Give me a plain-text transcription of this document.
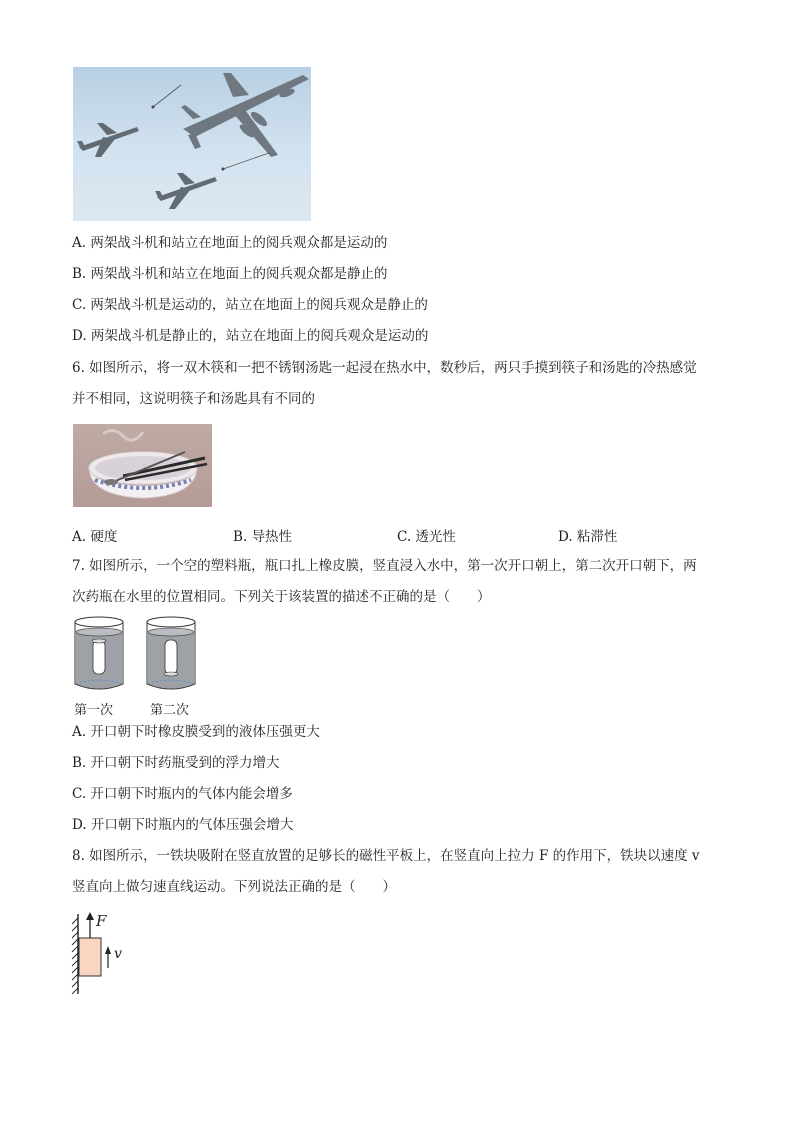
A. 两架战斗机和站立在地面上的阅兵观众都是运动的
B. 两架战斗机和站立在地面上的阅兵观众都是静止的
C. 两架战斗机是运动的，站立在地面上的阅兵观众是静止的
D. 两架战斗机是静止的，站立在地面上的阅兵观众是运动的
6. 如图所示，将一双木筷和一把不锈钢汤匙一起浸在热水中，数秒后，两只手摸到筷子和汤匙的冷热感觉
并不相同，这说明筷子和汤匙具有不同的
A. 硬度	B. 导热性	C. 透光性	D. 粘滞性
7. 如图所示，一个空的塑料瓶，瓶口扎上橡皮膜，竖直浸入水中，第一次开口朝上，第二次开口朝下，两
次药瓶在水里的位置相同。下列关于该装置的描述不正确的是（　　）
第一次	第二次
A. 开口朝下时橡皮膜受到的液体压强更大
B. 开口朝下时药瓶受到的浮力增大
C. 开口朝下时瓶内的气体内能会增多
D. 开口朝下时瓶内的气体压强会增大
8. 如图所示，一铁块吸附在竖直放置的足够长的磁性平板上，在竖直向上拉力 F 的作用下，铁块以速度 v
竖直向上做匀速直线运动。下列说法正确的是（　　）
F
v
